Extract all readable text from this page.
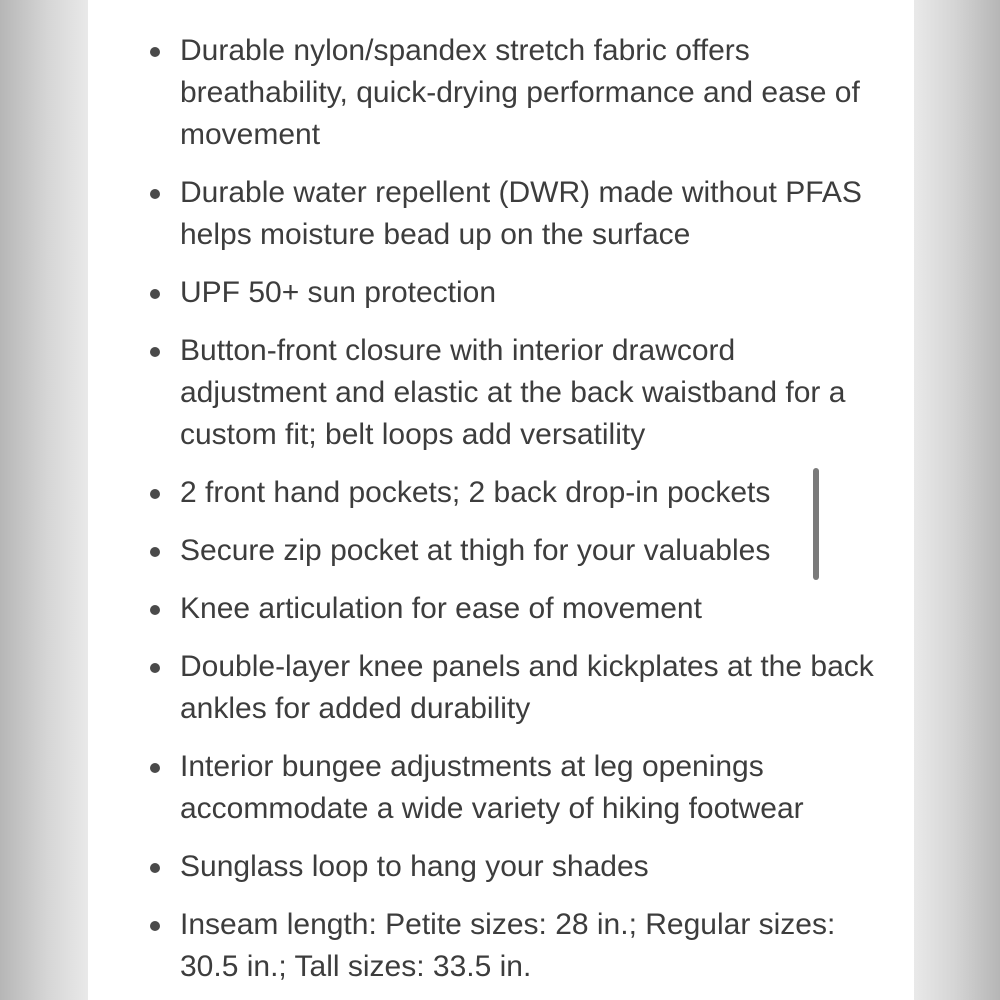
Durable nylon/spandex stretch fabric offers breathability, quick-drying performance and ease of movement
Durable water repellent (DWR) made without PFAS helps moisture bead up on the surface
UPF 50+ sun protection
Button-front closure with interior drawcord adjustment and elastic at the back waistband for a custom fit; belt loops add versatility
2 front hand pockets; 2 back drop-in pockets
Secure zip pocket at thigh for your valuables
Knee articulation for ease of movement
Double-layer knee panels and kickplates at the back ankles for added durability
Interior bungee adjustments at leg openings accommodate a wide variety of hiking footwear
Sunglass loop to hang your shades
Inseam length: Petite sizes: 28 in.; Regular sizes: 30.5 in.; Tall sizes: 33.5 in.
